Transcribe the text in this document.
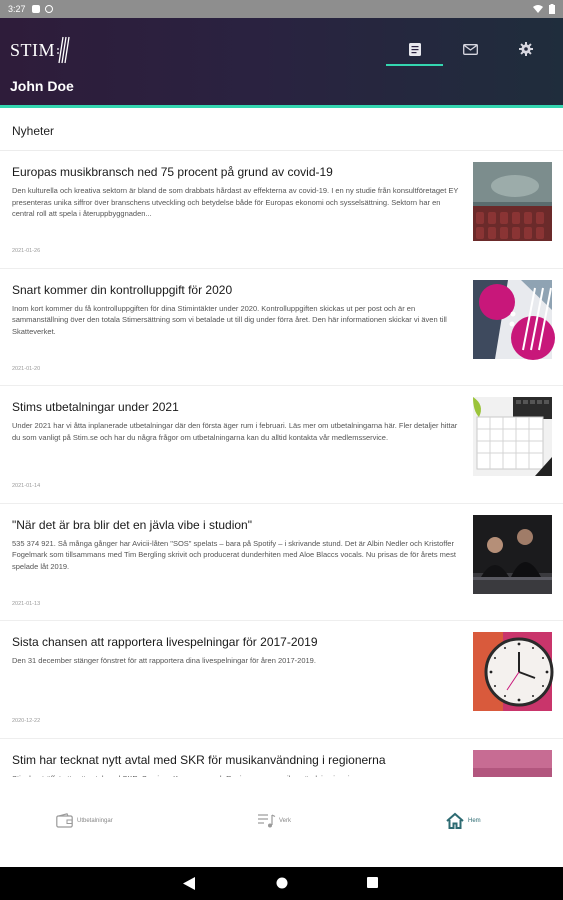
3:27
STIM
John Doe
Nyheter
Europas musikbransch ned 75 procent på grund av covid-19
Den kulturella och kreativa sektorn är bland de som drabbats hårdast av effekterna av covid-19. I en ny studie från konsultföretaget EY presenteras unika siffror över branschens utveckling och betydelse både för Europas ekonomi och sysselsättning. Sektorn har en central roll att spela i återuppbyggnaden...
2021-01-26
Snart kommer din kontrolluppgift för 2020
Inom kort kommer du få kontrolluppgiften för dina Stimintäkter under 2020. Kontrolluppgiften skickas ut per post och är en sammanställning över den totala Stimersättning som vi betalade ut till dig under förra året. Den här informationen skickar vi även till Skatteverket.
2021-01-20
Stims utbetalningar under 2021
Under 2021 har vi åtta inplanerade utbetalningar där den första äger rum i februari. Läs mer om utbetalningarna här. Fler detaljer hittar du som vanligt på Stim.se och har du några frågor om utbetalningarna kan du alltid kontakta vår medlemsservice.
2021-01-14
"När det är bra blir det en jävla vibe i studion"
535 374 921. Så många gånger har Avicii-låten "SOS" spelats – bara på Spotify – i skrivande stund. Det är Albin Nedler och Kristoffer Fogelmark som tillsammans med Tim Bergling skrivit och producerat dunderhiten med Aloe Blaccs vocals. Nu prisas de för årets mest spelade låt 2019.
2021-01-13
Sista chansen att rapportera livespelningar för 2017-2019
Den 31 december stänger fönstret för att rapportera dina livespelningar för åren 2017-2019.
2020-12-22
Stim har tecknat nytt avtal med SKR för musikanvändning i regionerna
Utbetalningar	Verk	Hem
